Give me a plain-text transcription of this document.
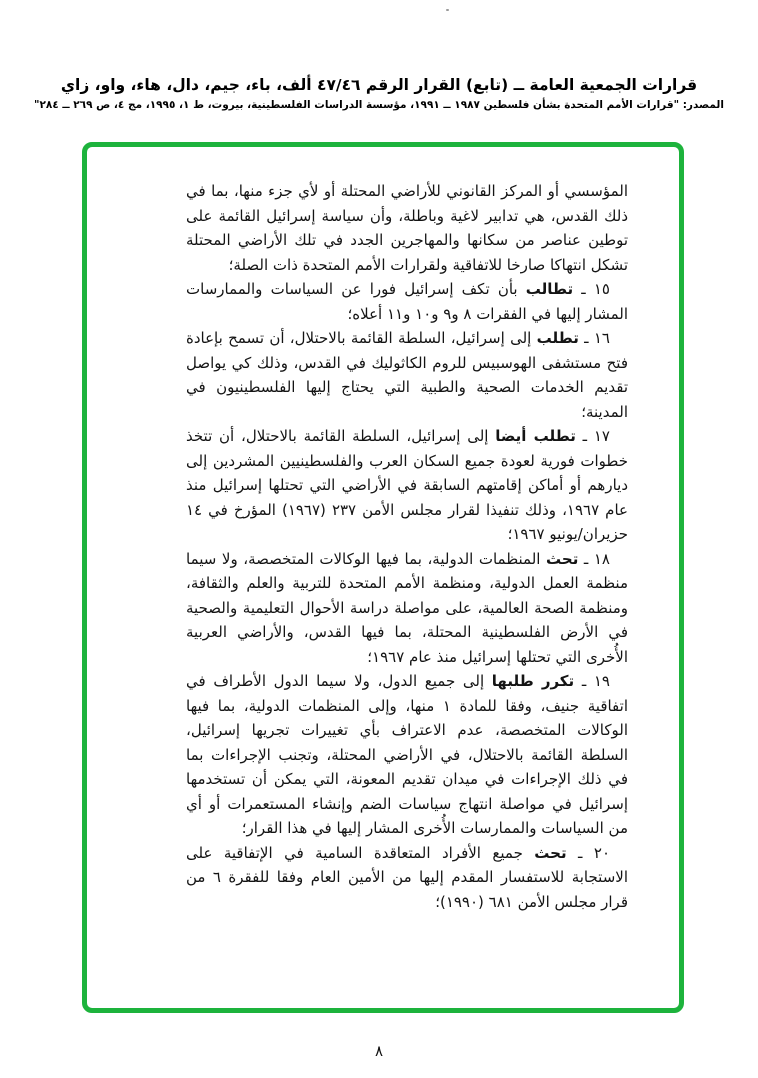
قرارات الجمعية العامة ــ (تابع) القرار الرقم ٤٧/٤٦ ألف، باء، جيم، دال، هاء، واو، زاي
المصدر: "قرارات الأمم المتحدة بشأن فلسطين ١٩٨٧ ــ ١٩٩١، مؤسسة الدراسات الفلسطينية، بيروت، ط ١، ١٩٩٥، مج ٤، ص ٢٦٩ ــ ٢٨٤"

المؤسسي أو المركز القانوني للأراضي المحتلة أو لأي جزء منها، بما في ذلك القدس، هي تدابير لاغية وباطلة، وأن سياسة إسرائيل القائمة على توطين عناصر من سكانها والمهاجرين الجدد في تلك الأراضي المحتلة تشكل انتهاكا صارخا للاتفاقية ولقرارات الأمم المتحدة ذات الصلة؛

١٥ ـ تطالب بأن تكف إسرائيل فورا عن السياسات والممارسات المشار إليها في الفقرات ٨ و٩ و١٠ و١١ أعلاه؛

١٦ ـ تطلب إلى إسرائيل، السلطة القائمة بالاحتلال، أن تسمح بإعادة فتح مستشفى الهوسبيس للروم الكاثوليك في القدس، وذلك كي يواصل تقديم الخدمات الصحية والطبية التي يحتاج إليها الفلسطينيون في المدينة؛

١٧ ـ تطلب أيضا إلى إسرائيل، السلطة القائمة بالاحتلال، أن تتخذ خطوات فورية لعودة جميع السكان العرب والفلسطينيين المشردين إلى ديارهم أو أماكن إقامتهم السابقة في الأراضي التي تحتلها إسرائيل منذ عام ١٩٦٧، وذلك تنفيذا لقرار مجلس الأمن ٢٣٧ (١٩٦٧) المؤرخ في ١٤ حزيران/يونيو ١٩٦٧؛

١٨ ـ تحث المنظمات الدولية، بما فيها الوكالات المتخصصة، ولا سيما منظمة العمل الدولية، ومنظمة الأمم المتحدة للتربية والعلم والثقافة، ومنظمة الصحة العالمية، على مواصلة دراسة الأحوال التعليمية والصحية في الأرض الفلسطينية المحتلة، بما فيها القدس، والأراضي العربية الأُخرى التي تحتلها إسرائيل منذ عام ١٩٦٧؛

١٩ ـ تكرر طلبها إلى جميع الدول، ولا سيما الدول الأطراف في اتفاقية جنيف، وفقا للمادة ١ منها، وإلى المنظمات الدولية، بما فيها الوكالات المتخصصة، عدم الاعتراف بأي تغييرات تجريها إسرائيل، السلطة القائمة بالاحتلال، في الأراضي المحتلة، وتجنب الإجراءات بما في ذلك الإجراءات في ميدان تقديم المعونة، التي يمكن أن تستخدمها إسرائيل في مواصلة انتهاج سياسات الضم وإنشاء المستعمرات أو أي من السياسات والممارسات الأُخرى المشار إليها في هذا القرار؛

٢٠ ـ تحث جميع الأفراد المتعاقدة السامية في الإتفاقية على الاستجابة للاستفسار المقدم إليها من الأمين العام وفقا للفقرة ٦ من قرار مجلس الأمن ٦٨١ (١٩٩٠)؛

٨
